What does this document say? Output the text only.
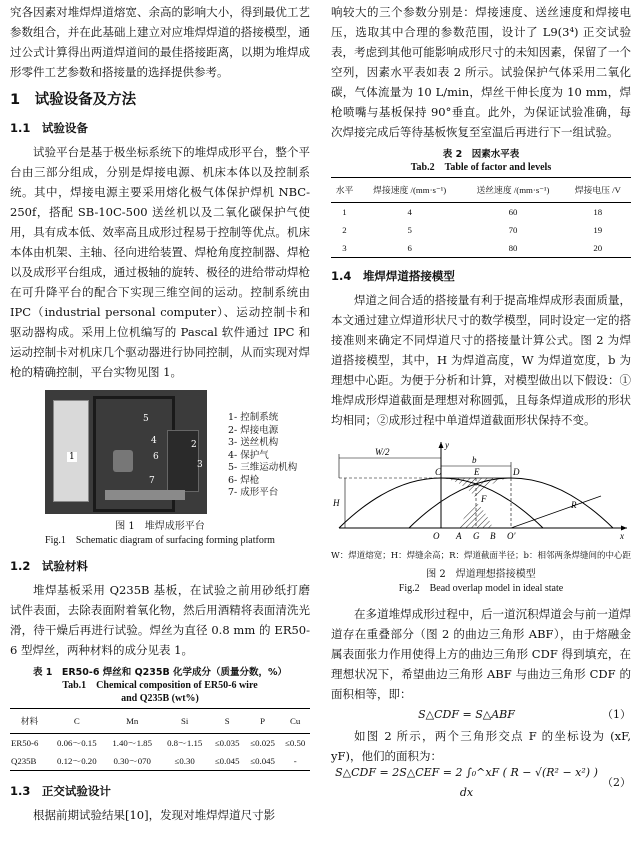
究各因素对堆焊焊道熔宽、余高的影响大小，得到最优工艺参数组合，并在此基础上建立对应堆焊焊道的搭接模型，通过公式计算得出两道焊道间的最佳搭接距离，以期为堆焊成形零件工艺参数和搭接量的选择提供参考。

1　试验设备及方法
1.1　试验设备

试验平台是基于极坐标系统下的堆焊成形平台，整个平台由三部分组成，分别是焊接电源、机床本体以及控制系统。其中，焊接电源主要采用熔化极气体保护焊机 NBC-250f，搭配 SB-10C-500 送丝机以及二氧化碳保护气使用，具有成本低、效率高且成形过程易于控制等优点。机床本体由机架、主轴、径向进给装置、焊枪角度控制器、焊枪以及成形平台组成，通过极轴的旋转、极径的进给带动焊枪在可升降平台的配合下实现三维空间的运动。控制系统由 IPC（industrial personal computer）、运动控制卡和驱动器构成。采用上位机编写的 Pascal 软件通过 IPC 和运动控制卡对机床几个驱动器进行协同控制，从而实现对焊枪的精确控制，平台实物见图 1。

5
4	2
3
6
7
1
1- 控制系统
2- 焊接电源
3- 送丝机构
4- 保护气
5- 三维运动机构
6- 焊枪
7- 成形平台
图 1　堆焊成形平台
Fig.1　Schematic diagram of surfacing forming platform
1.2　试验材料

堆焊基板采用 Q235B 基板，在试验之前用砂纸打磨试件表面，去除表面附着氧化物，然后用酒精将表面清洗光滑，待干燥后再进行试验。焊丝为直径 0.8 mm 的 ER50-6 型焊丝，两种材料的成分见表 1。

表 1　ER50-6 焊丝和 Q235B 化学成分（质量分数，%）
Tab.1　Chemical composition of ER50-6 wire
and Q235B (wt%)
材料	C	Mn	Si	S	P	Cu
ER50-6	0.06～0.15	1.40～1.85	0.8～1.15	≤0.035	≤0.025	≤0.50
Q235B	0.12～0.20	0.30～070	≤0.30	≤0.045	≤0.045	-
1.3　正交试验设计

根据前期试验结果[10]，发现对堆焊焊道尺寸影

响较大的三个参数分别是：焊接速度、送丝速度和焊接电压，选取其中合理的参数范围，设计了 L9(3⁴) 正交试验表，考虑到其他可能影响成形尺寸的未知因素，保留了一个空列，因素水平表如表 2 所示。试验保护气体采用二氧化碳，气体流量为 10 L/min，焊丝干伸长度为 10 mm，焊枪喷嘴与基板保持 90°垂直。此外，为保证试验准确，每次焊接完成后等待基板恢复至室温后再进行下一组试验。

表 2　因素水平表
Tab.2　Table of factor and levels
水平	焊接速度 /(mm·s⁻¹)	送丝速度 /(mm·s⁻¹)	焊接电压 /V
1	4	60	18
2	5	70	19
3	6	80	20
1.4　堆焊焊道搭接模型

焊道之间合适的搭接量有利于提高堆焊成形表面质量，本文通过建立焊道形状尺寸的数学模型，同时设定一定的搭接准则来确定不同焊道尺寸的搭接量计算公式。图 2 为焊道搭接模型，其中，H 为焊道高度，W 为焊道宽度，b 为理想中心距。为便于分析和计算，对模型做出以下假设：①堆焊成形焊道截面是理想对称圆弧，且每条焊道成形的形状均相同；②成形过程中单道焊道截面形状保持不变。

W/2
b
H
C	E	D
F
O A G B O'
R
x
y
W：焊道熔宽；H：焊缝余高；R：焊道截面半径；b：相邻两条焊缝间的中心距
图 2　焊道理想搭接模型
Fig.2　Bead overlap model in ideal state

在多道堆焊成形过程中，后一道沉积焊道会与前一道焊道存在重叠部分（图 2 的曲边三角形 ABF），由于熔融金属表面张力作用使得上方的曲边三角形 CDF 得到填充，在理想状况下，希望曲边三角形 ABF 与曲边三角形 CDF 的面积相等，即：

S△CDF = S△ABF	（1）

如图 2 所示，两个三角形交点 F 的坐标设为 (xF, yF)，他们的面积为：

S△CDF = 2S△CEF = 2 ∫₀^xF ( R − √(R² − x²) ) dx
（2）
